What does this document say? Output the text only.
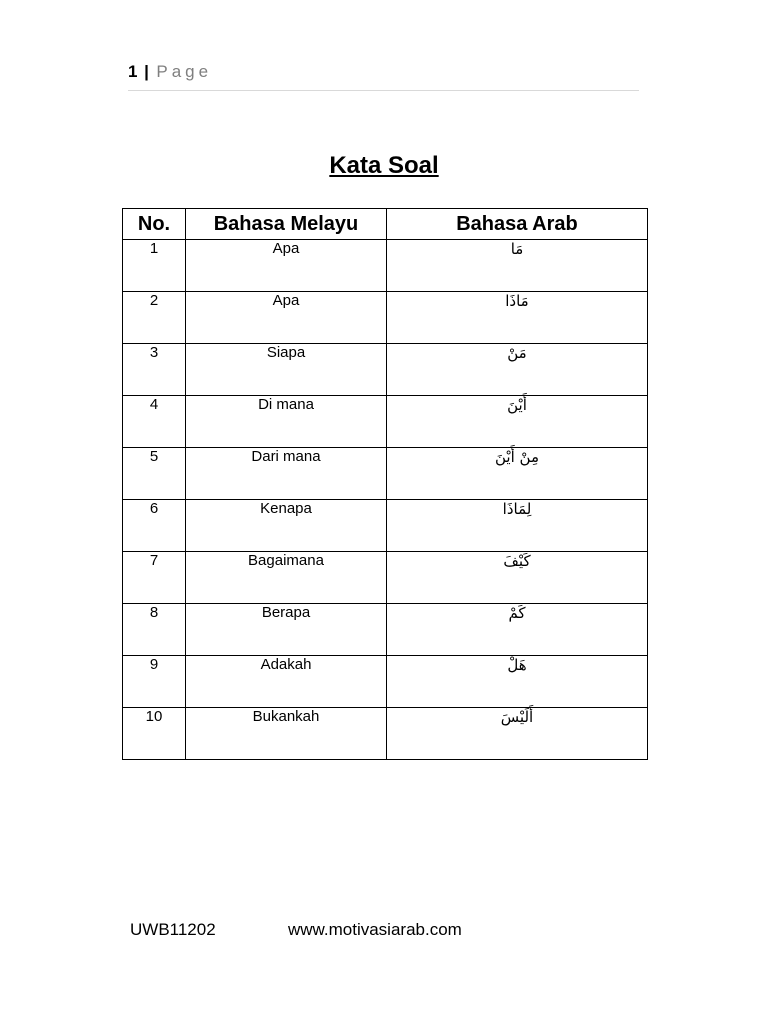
1 | Page
Kata Soal
No.	Bahasa Melayu	Bahasa Arab
1	Apa	مَا
2	Apa	مَاذَا
3	Siapa	مَنْ
4	Di mana	أَيْنَ
5	Dari mana	مِنْ أَيْنَ
6	Kenapa	لِمَاذَا
7	Bagaimana	كَيْفَ
8	Berapa	كَمْ
9	Adakah	هَلْ
10	Bukankah	أَلَيْسَ
UWB11202	www.motivasiarab.com
